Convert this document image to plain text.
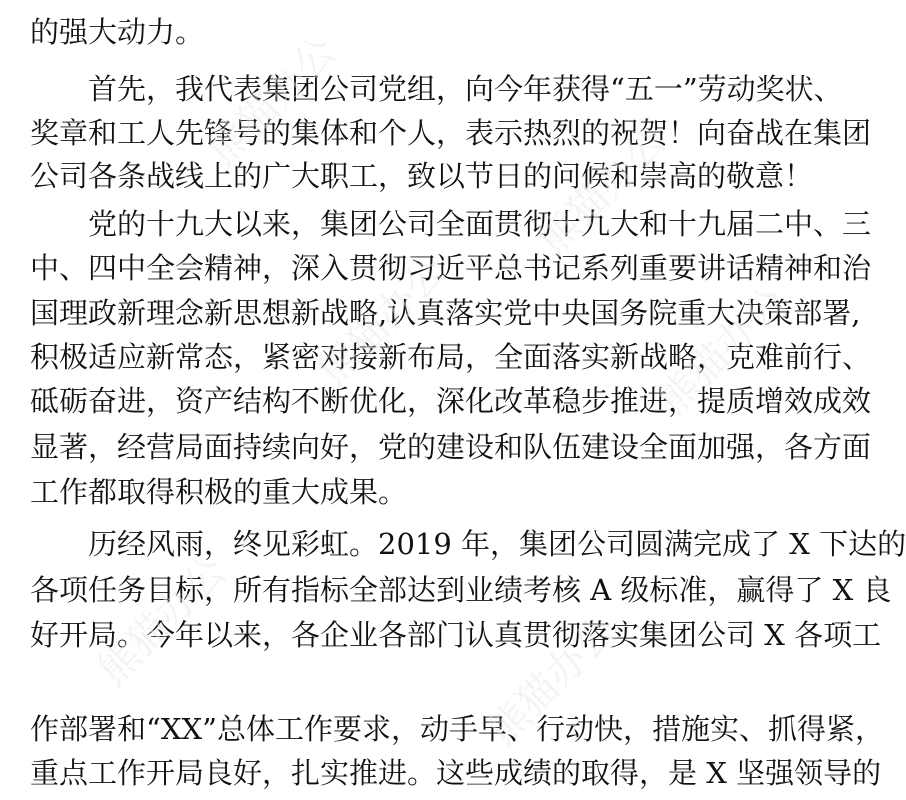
的强大动力。
首先，我代表集团公司党组，向今年获得“五一”劳动奖状、
奖章和工人先锋号的集体和个人，表示热烈的祝贺！向奋战在集团
公司各条战线上的广大职工，致以节日的问候和崇高的敬意！
党的十九大以来，集团公司全面贯彻十九大和十九届二中、三
中、四中全会精神，深入贯彻习近平总书记系列重要讲话精神和治
国理政新理念新思想新战略,认真落实党中央国务院重大决策部署,
积极适应新常态，紧密对接新布局，全面落实新战略，克难前行、
砥砺奋进，资产结构不断优化，深化改革稳步推进，提质增效成效
显著，经营局面持续向好，党的建设和队伍建设全面加强，各方面
工作都取得积极的重大成果。
历经风雨，终见彩虹。2019 年，集团公司圆满完成了 X 下达的
各项任务目标，所有指标全部达到业绩考核 A 级标准，赢得了 X 良
好开局。今年以来，各企业各部门认真贯彻落实集团公司 X 各项工
作部署和“XX”总体工作要求，动手早、行动快，措施实、抓得紧，
重点工作开局良好，扎实推进。这些成绩的取得，是 X 坚强领导的
熊猫办公
熊猫办公
熊猫办公	熊猫办公
熊猫办公	熊猫办公
